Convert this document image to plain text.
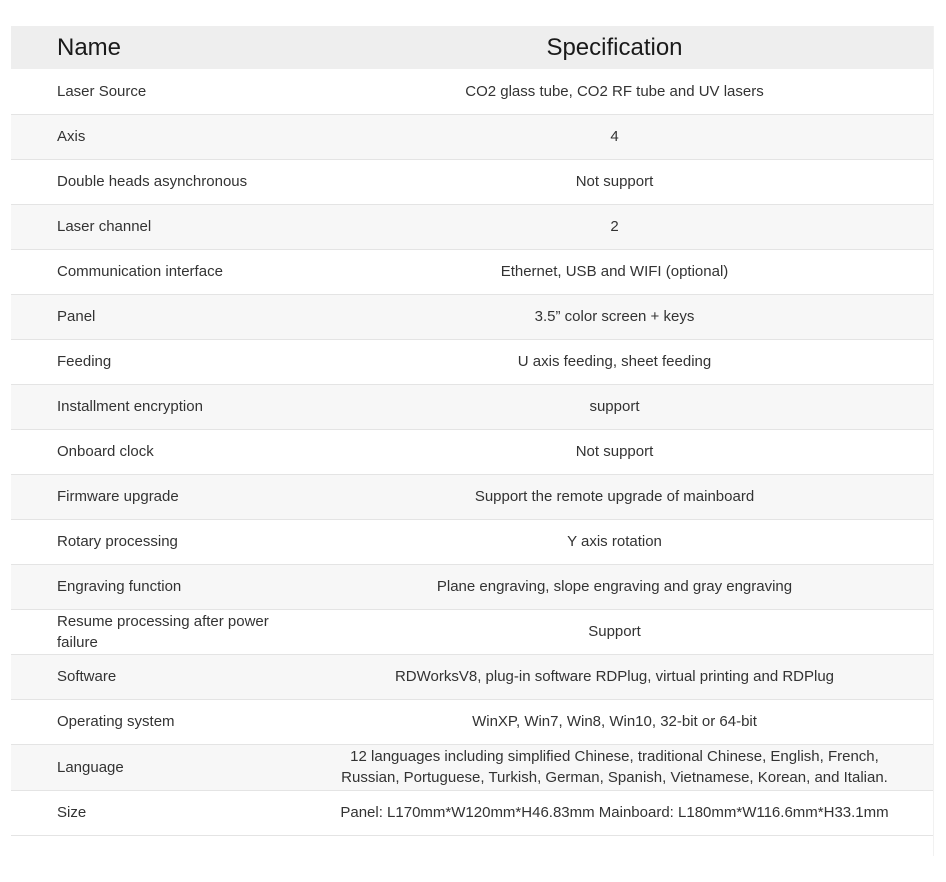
Name	Specification
Laser Source	CO2 glass tube, CO2 RF tube and UV lasers
Axis	4
Double heads asynchronous	Not support
Laser channel	2
Communication interface	Ethernet, USB and WIFI (optional)
Panel	3.5” color screen + keys
Feeding	U axis feeding, sheet feeding
Installment encryption	support
Onboard clock	Not support
Firmware upgrade	Support the remote upgrade of mainboard
Rotary processing	Y axis rotation
Engraving function	Plane engraving, slope engraving and gray engraving
Resume processing after power failure	Support
Software	RDWorksV8, plug-in software RDPlug, virtual printing and RDPlug
Operating system	WinXP, Win7, Win8, Win10, 32-bit or 64-bit
Language	12 languages including simplified Chinese, traditional Chinese, English, French,
Russian, Portuguese, Turkish, German, Spanish, Vietnamese, Korean, and Italian.
Size	Panel: L170mm*W120mm*H46.83mm Mainboard: L180mm*W116.6mm*H33.1mm
